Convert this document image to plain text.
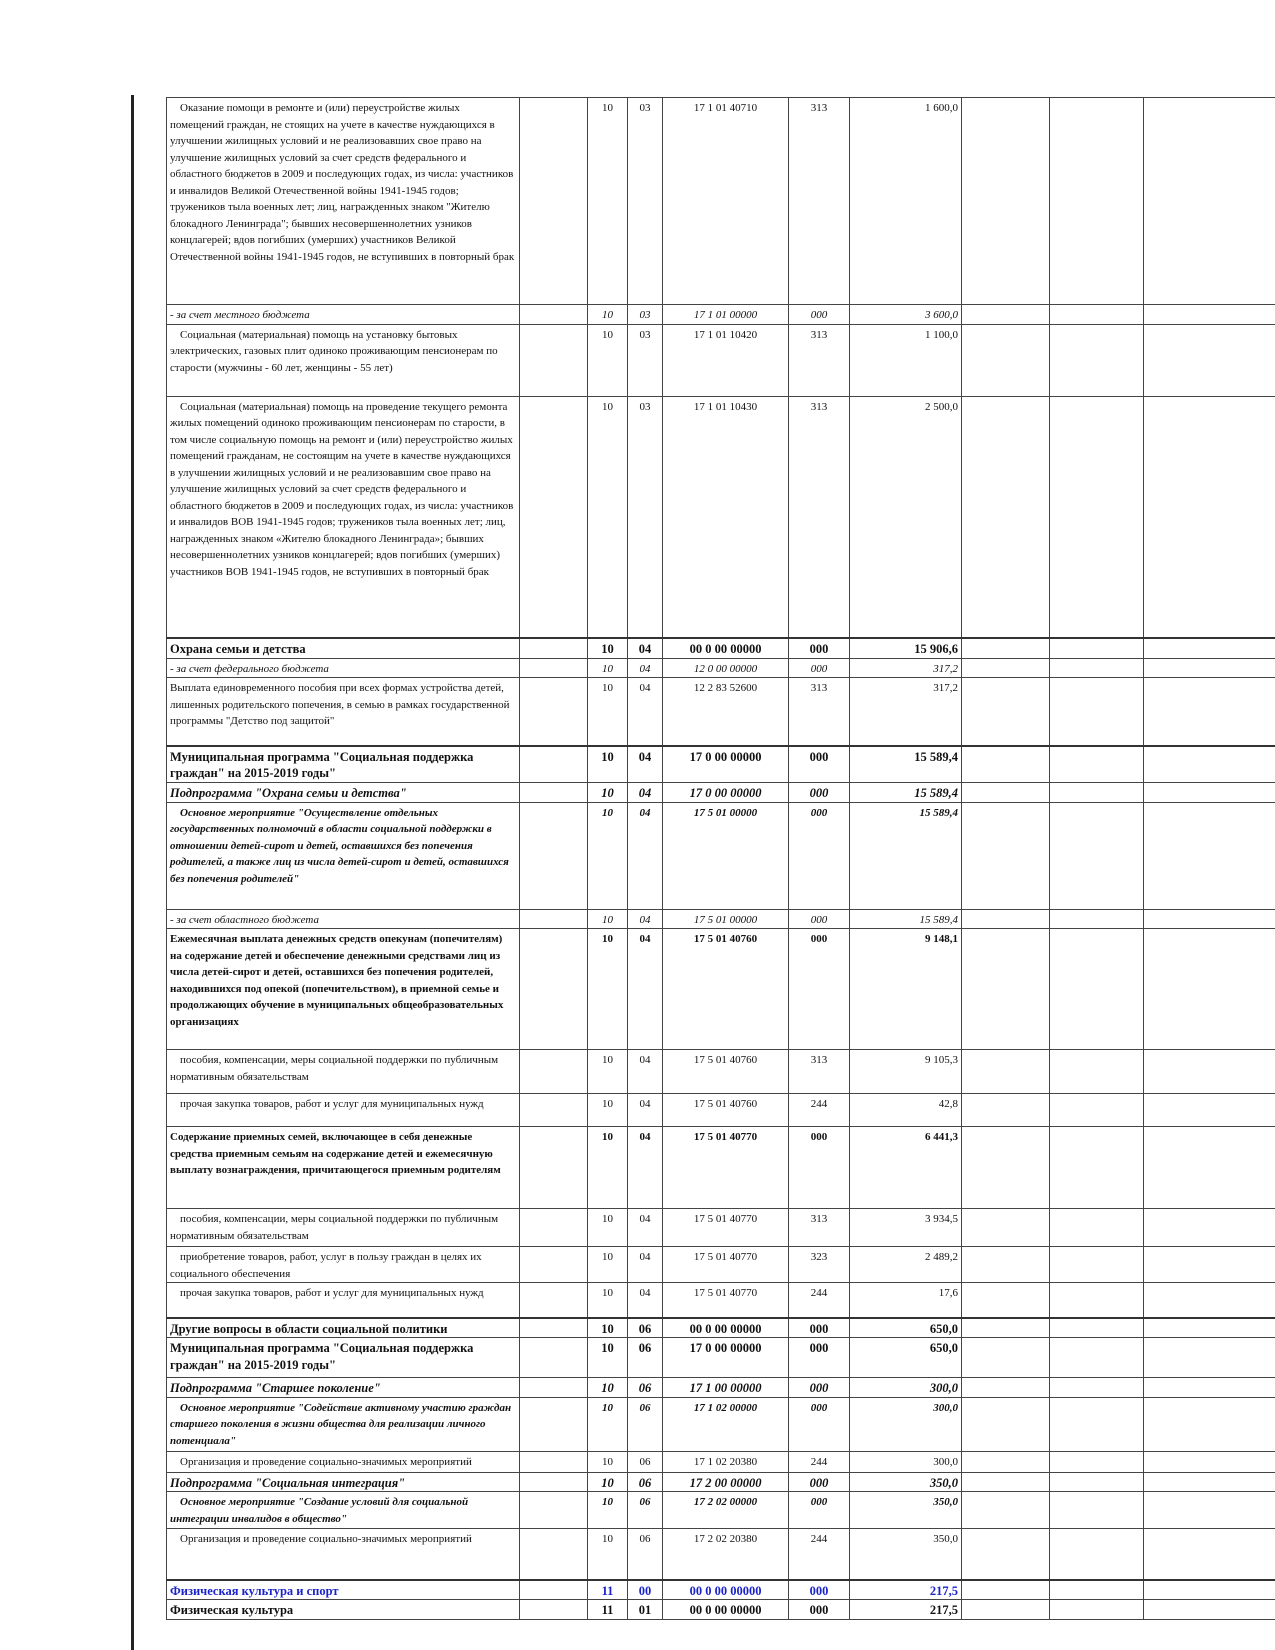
Оказание помощи в ремонте и (или) переустройстве жилых помещений граждан, не стоящих на учете в качестве нуждающихся в улучшении жилищных условий и не реализовавших свое право на улучшение жилищных условий за счет средств федерального и областного бюджетов в 2009 и последующих годах, из числа: участников и инвалидов Великой Отечественной войны 1941-1945 годов; тружеников тыла военных лет; лиц, награжденных знаком "Жителю блокадного Ленинграда"; бывших несовершеннолетних узников концлагерей; вдов погибших (умерших) участников Великой Отечественной войны 1941-1945 годов, не вступивших в повторный брак		10	03	17 1 01 40710	313	1 600,0			
- за счет местного бюджета		10	03	17 1 01 00000	000	3 600,0			
Социальная (материальная) помощь на установку бытовых электрических, газовых плит одиноко проживающим пенсионерам по старости (мужчины - 60 лет, женщины - 55 лет)		10	03	17 1 01 10420	313	1 100,0			
Социальная (материальная) помощь на проведение текущего ремонта жилых помещений одиноко проживающим пенсионерам по старости, в том числе социальную помощь на ремонт и (или) переустройство жилых помещений гражданам, не состоящим на учете в качестве нуждающихся в улучшении жилищных условий и не реализовавшим свое право на улучшение жилищных условий за счет средств федерального и областного бюджетов в 2009 и последующих годах, из числа: участников и инвалидов ВОВ 1941-1945 годов; тружеников тыла военных лет; лиц, награжденных знаком «Жителю блокадного Ленинграда»; бывших несовершеннолетних узников концлагерей; вдов погибших (умерших) участников ВОВ 1941-1945 годов, не вступивших в повторный брак		10	03	17 1 01 10430	313	2 500,0			
Охрана семьи и детства		10	04	00 0 00 00000	000	15 906,6			
- за счет федерального бюджета		10	04	12 0 00 00000	000	317,2			
Выплата единовременного пособия при всех формах устройства детей, лишенных родительского попечения, в семью в рамках государственной программы "Детство под защитой"		10	04	12 2 83 52600	313	317,2			
Муниципальная программа "Социальная поддержка граждан" на 2015-2019 годы"		10	04	17 0 00 00000	000	15 589,4			
Подпрограмма "Охрана семьи и детства"		10	04	17 0 00 00000	000	15 589,4			
Основное мероприятие "Осуществление отдельных государственных полномочий в области социальной поддержки в отношении детей-сирот и детей, оставшихся без попечения родителей, а также лиц из числа детей-сирот и детей, оставшихся без попечения родителей"		10	04	17 5 01 00000	000	15 589,4			
- за счет областного бюджета		10	04	17 5 01 00000	000	15 589,4			
Ежемесячная выплата денежных средств опекунам (попечителям) на содержание детей и обеспечение денежными средствами лиц из числа детей-сирот и детей, оставшихся без попечения родителей, находившихся под опекой (попечительством), в приемной семье и продолжающих обучение в муниципальных общеобразовательных организациях		10	04	17 5 01 40760	000	9 148,1			
пособия, компенсации, меры социальной поддержки по публичным нормативным обязательствам		10	04	17 5 01 40760	313	9 105,3			
прочая закупка товаров, работ и услуг для муниципальных нужд		10	04	17 5 01 40760	244	42,8			
Содержание приемных семей, включающее в себя денежные средства приемным семьям на содержание детей и ежемесячную выплату вознаграждения, причитающегося приемным родителям		10	04	17 5 01 40770	000	6 441,3			
пособия, компенсации, меры социальной поддержки по публичным нормативным обязательствам		10	04	17 5 01 40770	313	3 934,5			
приобретение товаров, работ, услуг в пользу граждан в целях их социального обеспечения		10	04	17 5 01 40770	323	2 489,2			
прочая закупка товаров, работ и услуг для муниципальных нужд		10	04	17 5 01 40770	244	17,6			
Другие вопросы в области социальной политики		10	06	00 0 00 00000	000	650,0			
Муниципальная программа "Социальная поддержка граждан" на 2015-2019 годы"		10	06	17 0 00 00000	000	650,0			
Подпрограмма "Старшее поколение"		10	06	17 1 00 00000	000	300,0			
Основное мероприятие "Содействие активному участию граждан старшего поколения в жизни общества для реализации личного потенциала"		10	06	17 1 02 00000	000	300,0			
Организация и проведение социально-значимых мероприятий		10	06	17 1 02 20380	244	300,0			
Подпрограмма "Социальная интеграция"		10	06	17 2 00 00000	000	350,0			
Основное мероприятие "Создание условий для социальной интеграции инвалидов в общество"		10	06	17 2 02 00000	000	350,0			
Организация и проведение социально-значимых мероприятий		10	06	17 2 02 20380	244	350,0			
Физическая культура и спорт		11	00	00 0 00 00000	000	217,5			
Физическая культура		11	01	00 0 00 00000	000	217,5			
